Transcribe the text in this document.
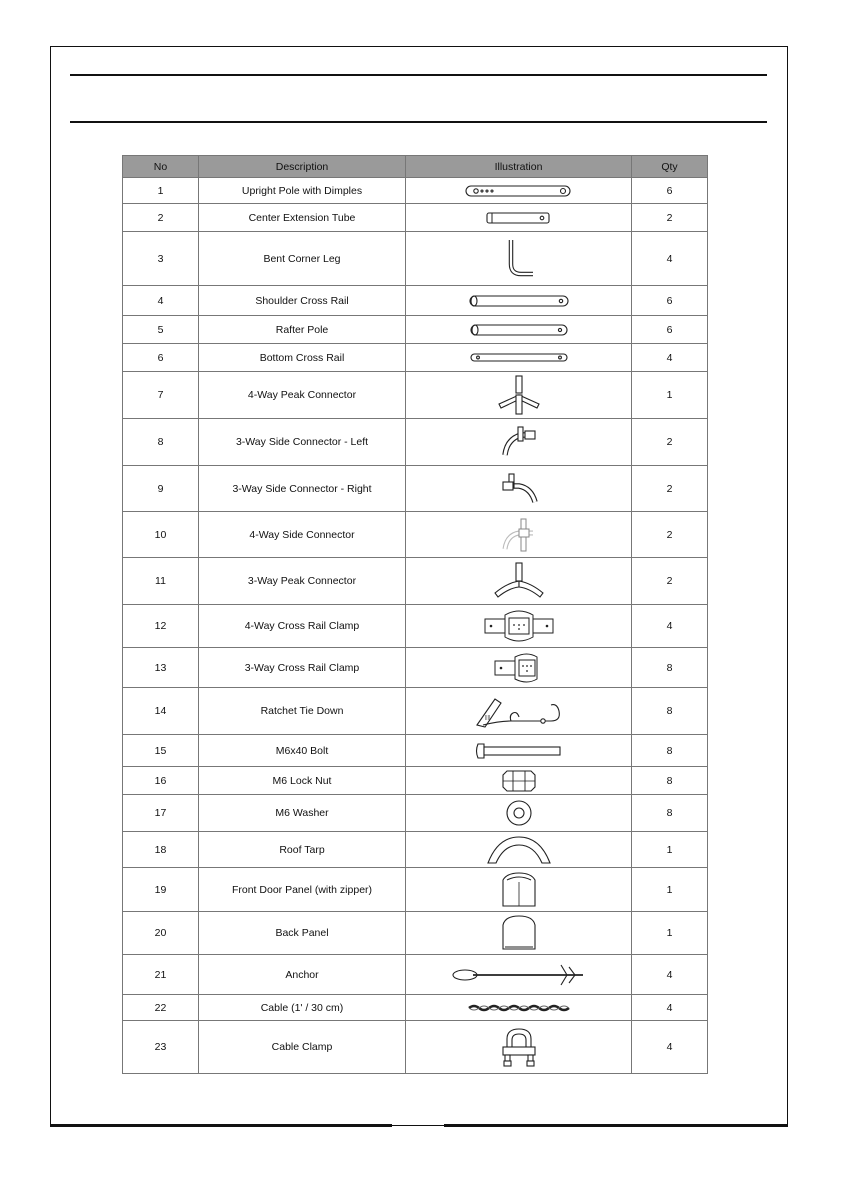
No	Description	Illustration	Qty
1	Upright Pole with Dimples		6
2	Center Extension Tube		2
3	Bent Corner Leg		4
4	Shoulder Cross Rail		6
5	Rafter Pole		6
6	Bottom Cross Rail		4
7	4-Way Peak Connector		1
8	3-Way Side Connector - Left		2
9	3-Way Side Connector - Right		2
10	4-Way Side Connector		2
11	3-Way Peak Connector		2
12	4-Way Cross Rail Clamp		4
13	3-Way Cross Rail Clamp		8
14	Ratchet Tie Down	||||	8
15	M6x40 Bolt		8
16	M6 Lock Nut		8
17	M6 Washer		8
18	Roof Tarp		1
19	Front Door Panel (with zipper)		1
20	Back Panel		1
21	Anchor		4
22	Cable (1' / 30 cm)		4
23	Cable Clamp		4
